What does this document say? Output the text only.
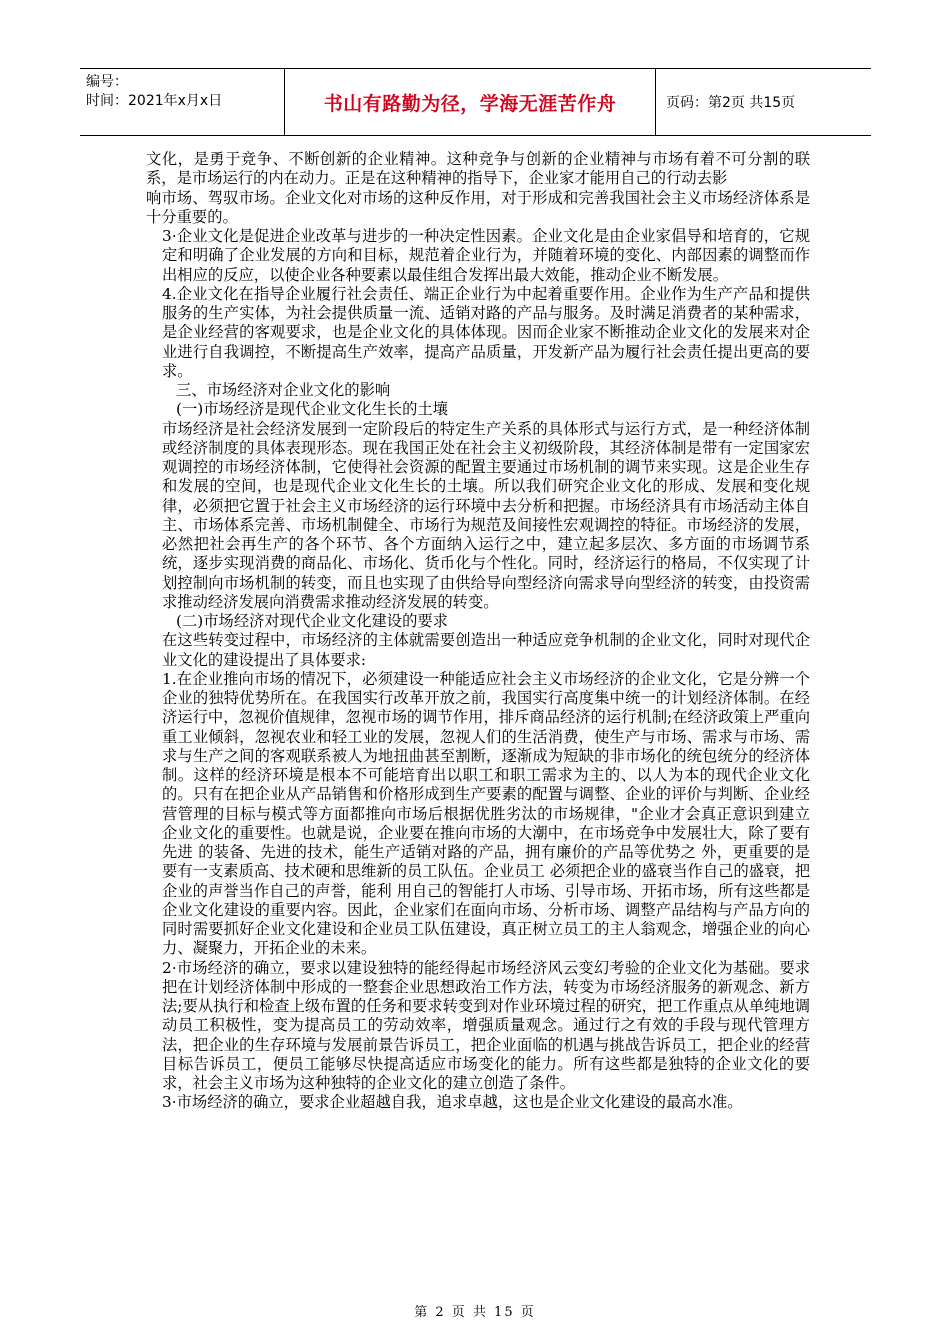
编号：
时间：2021年x月x日	书山有路勤为径，学海无涯苦作舟	页码：第2页 共15页

文化，是勇于竞争、不断创新的企业精神。这种竞争与创新的企业精神与市场有着不可分割的联系，是市场运行的内在动力。正是在这种精神的指导下，企业家才能用自己的行动去影

响市场、驾驭市场。企业文化对市场的这种反作用，对于形成和完善我国社会主义市场经济体系是十分重要的。

3·企业文化是促进企业改革与进步的一种决定性因素。企业文化是由企业家倡导和培育的，它规定和明确了企业发展的方向和目标，规范着企业行为，并随着环境的变化、内部因素的调整而作出相应的反应，以使企业各种要素以最佳组合发挥出最大效能，推动企业不断发展。

4.企业文化在指导企业履行社会责任、端正企业行为中起着重要作用。企业作为生产产品和提供服务的生产实体，为社会提供质量一流、适销对路的产品与服务。及时满足消费者的某种需求，是企业经营的客观要求，也是企业文化的具体体现。因而企业家不断推动企业文化的发展来对企业进行自我调控，不断提高生产效率，提高产品质量，开发新产品为履行社会责任提出更高的要求。

三、市场经济对企业文化的影响

(一)市场经济是现代企业文化生长的土壤

市场经济是社会经济发展到一定阶段后的特定生产关系的具体形式与运行方式，是一种经济体制或经济制度的具体表现形态。现在我国正处在社会主义初级阶段，其经济体制是带有一定国家宏观调控的市场经济体制，它使得社会资源的配置主要通过市场机制的调节来实现。这是企业生存和发展的空间，也是现代企业文化生长的土壤。所以我们研究企业文化的形成、发展和变化规律，必须把它置于社会主义市场经济的运行环境中去分析和把握。市场经济具有市场活动主体自主、市场体系完善、市场机制健全、市场行为规范及间接性宏观调控的特征。市场经济的发展，必然把社会再生产的各个环节、各个方面纳入运行之中，建立起多层次、多方面的市场调节系统，逐步实现消费的商品化、市场化、货币化与个性化。同时，经济运行的格局，不仅实现了计划控制向市场机制的转变，而且也实现了由供给导向型经济向需求导向型经济的转变，由投资需求推动经济发展向消费需求推动经济发展的转变。

(二)市场经济对现代企业文化建设的要求

在这些转变过程中，市场经济的主体就需要创造出一种适应竞争机制的企业文化，同时对现代企业文化的建设提出了具体要求:

1.在企业推向市场的情况下，必须建设一种能适应社会主义市场经济的企业文化，它是分辨一个企业的独特优势所在。在我国实行改革开放之前，我国实行高度集中统一的计划经济体制。在经济运行中，忽视价值规律，忽视市场的调节作用，排斥商品经济的运行机制;在经济政策上严重向重工业倾斜，忽视农业和轻工业的发展，忽视人们的生活消费，使生产与市场、需求与市场、需求与生产之间的客观联系被人为地扭曲甚至割断，逐渐成为短缺的非市场化的统包统分的经济体制。这样的经济环境是根本不可能培育出以职工和职工需求为主的、以人为本的现代企业文化的。只有在把企业从产品销售和价格形成到生产要素的配置与调整、企业的评价与判断、企业经营管理的目标与模式等方面都推向市场后根据优胜劣汰的市场规律，"企业才会真正意识到建立企业文化的重要性。也就是说，企业要在推向市场的大潮中，在市场竞争中发展壮大，除了要有先进 的装备、先进的技术，能生产适销对路的产品，拥有廉价的产品等优势之 外，更重要的是要有一支素质高、技术硬和思维新的员工队伍。企业员工 必须把企业的盛衰当作自己的盛衰，把企业的声誉当作自己的声誉，能利 用自己的智能打人市场、引导市场、开拓市场，所有这些都是企业文化建设的重要内容。因此，企业家们在面向市场、分析市场、调整产品结构与产品方向的同时需要抓好企业文化建设和企业员工队伍建设，真正树立员工的主人翁观念，增强企业的向心力、凝聚力，开拓企业的未来。

2·市场经济的确立，要求以建设独特的能经得起市场经济风云变幻考验的企业文化为基础。要求把在计划经济体制中形成的一整套企业思想政治工作方法，转变为市场经济服务的新观念、新方法;要从执行和检查上级布置的任务和要求转变到对作业环境过程的研究，把工作重点从单纯地调动员工积极性，变为提高员工的劳动效率，增强质量观念。通过行之有效的手段与现代管理方法，把企业的生存环境与发展前景告诉员工，把企业面临的机遇与挑战告诉员工，把企业的经营目标告诉员工，便员工能够尽快提高适应市场变化的能力。所有这些都是独特的企业文化的要求，社会主义市场为这种独特的企业文化的建立创造了条件。

3·市场经济的确立，要求企业超越自我，追求卓越，这也是企业文化建设的最高水准。

第 2 页 共 15 页
